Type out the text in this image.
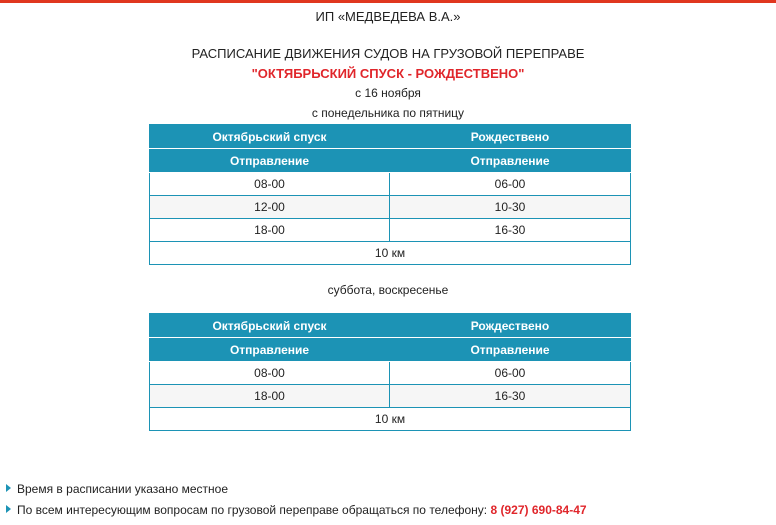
ИП «МЕДВЕДЕВА В.А.»
РАСПИСАНИЕ ДВИЖЕНИЯ СУДОВ НА ГРУЗОВОЙ ПЕРЕПРАВЕ
"ОКТЯБРЬСКИЙ СПУСК - РОЖДЕСТВЕНО"
с 16 ноября
с понедельника по пятницу
Октябрьский спуск	Рождествено
Отправление	Отправление
08-00	06-00
12-00	10-30
18-00	16-30
10 км	
суббота, воскресенье
Октябрьский спуск	Рождествено
Отправление	Отправление
08-00	06-00
18-00	16-30
10 км	
Время в расписании указано местное
По всем интересующим вопросам по грузовой переправе обращаться по телефону: 8 (927) 690-84-47
